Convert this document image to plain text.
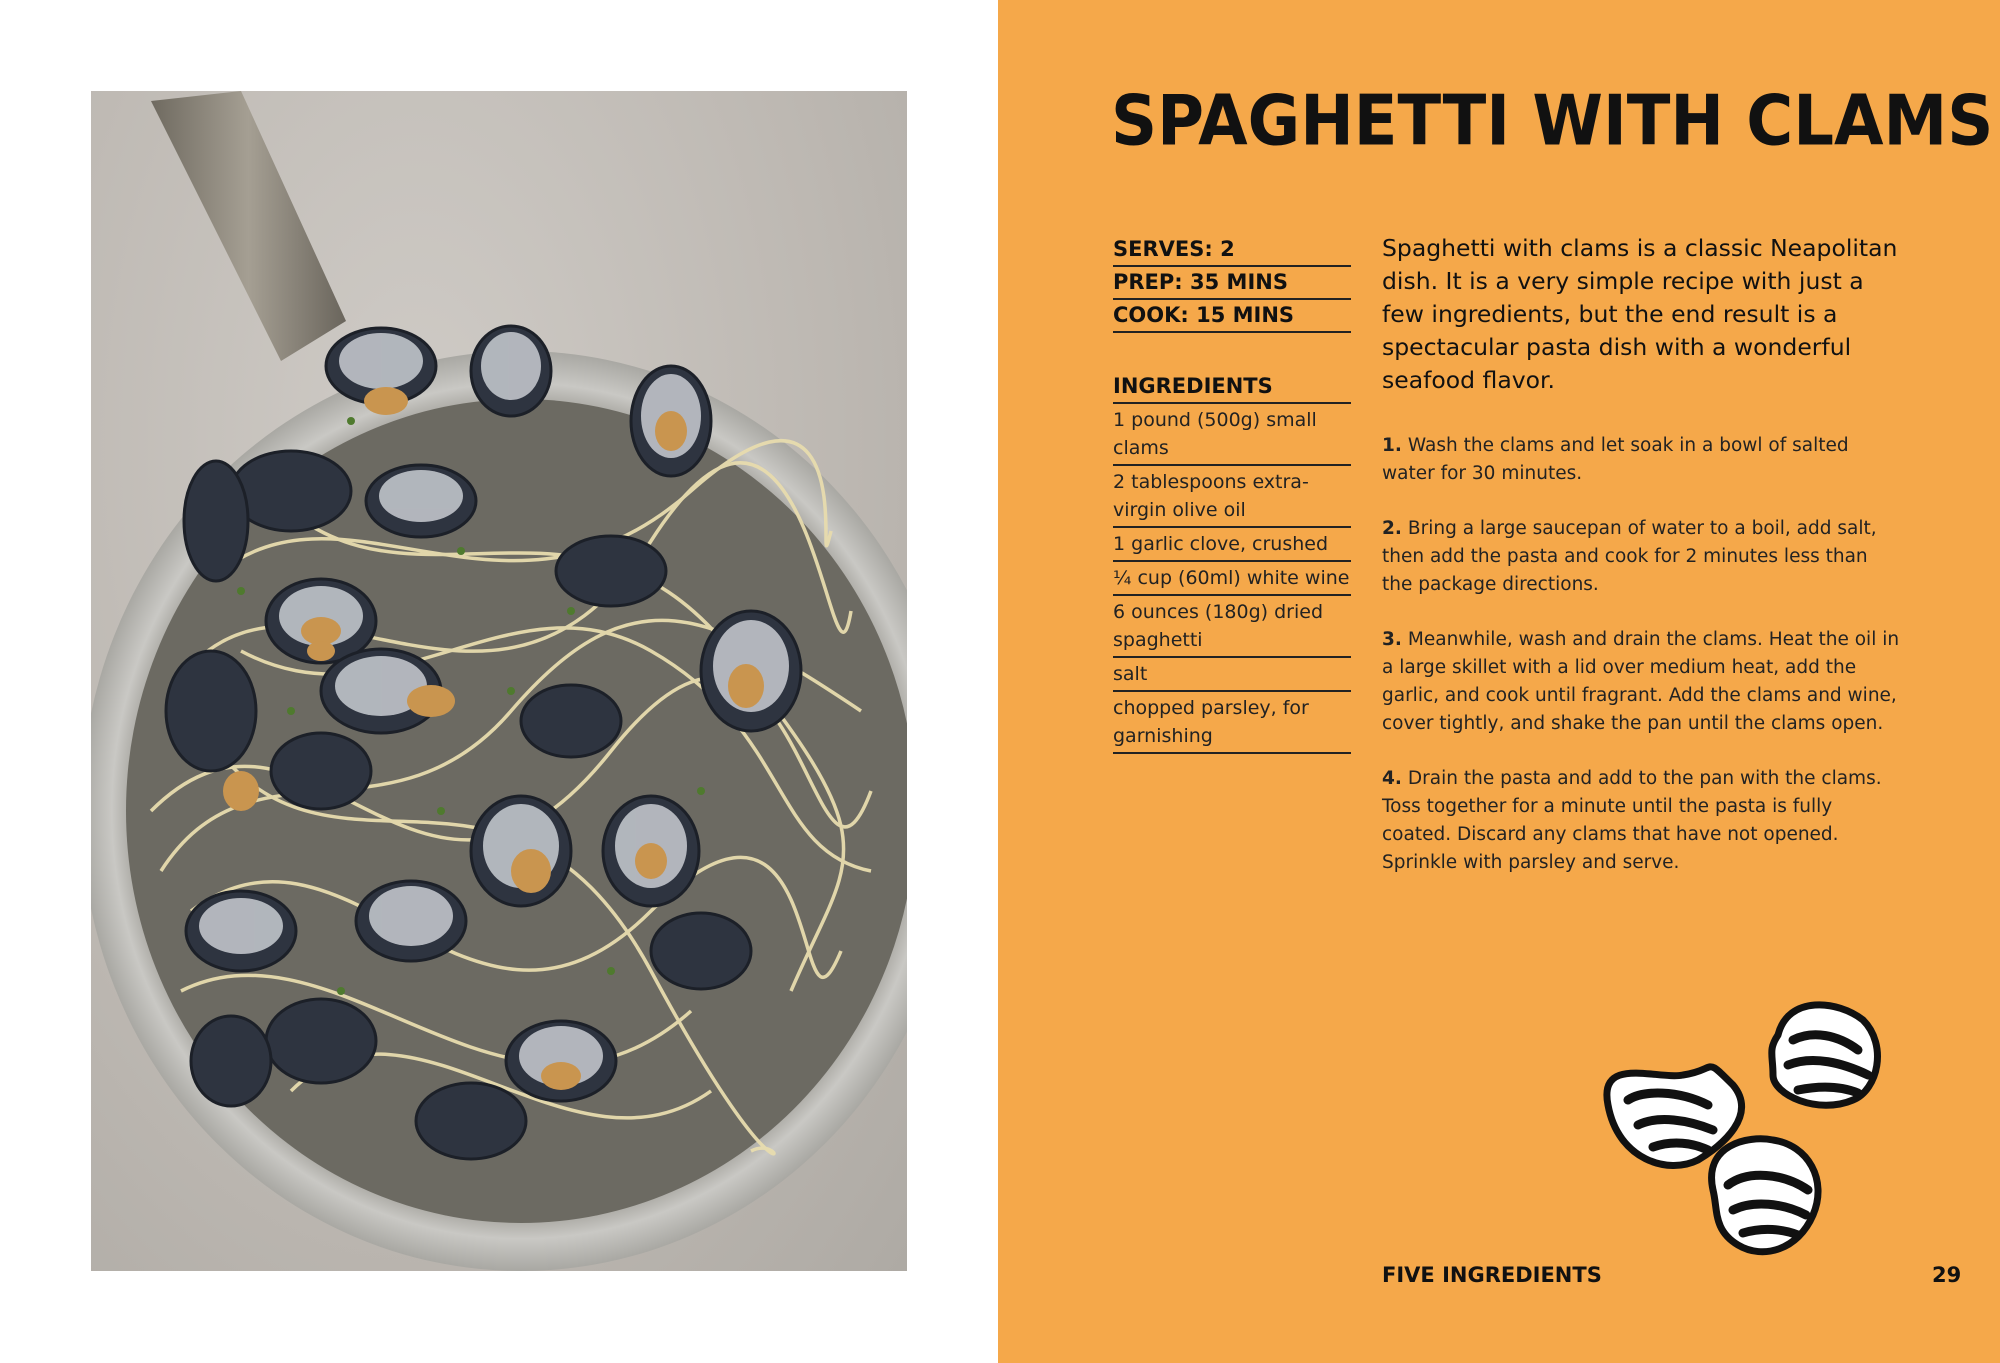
SPAGHETTI WITH CLAMS
SERVES: 2
PREP: 35 MINS
COOK: 15 MINS
INGREDIENTS
1 pound (500g) small clams
2 tablespoons extra-virgin olive oil
1 garlic clove, crushed
¼ cup (60ml) white wine
6 ounces (180g) dried spaghetti
salt
chopped parsley, for garnishing

Spaghetti with clams is a classic Neapolitan dish. It is a very simple recipe with just a few ingredients, but the end result is a spectacular pasta dish with a wonderful seafood flavor.

1. Wash the clams and let soak in a bowl of salted water for 30 minutes.

2. Bring a large saucepan of water to a boil, add salt, then add the pasta and cook for 2 minutes less than the package directions.

3. Meanwhile, wash and drain the clams. Heat the oil in a large skillet with a lid over medium heat, add the garlic, and cook until fragrant. Add the clams and wine, cover tightly, and shake the pan until the clams open.

4. Drain the pasta and add to the pan with the clams. Toss together for a minute until the pasta is fully coated. Discard any clams that have not opened. Sprinkle with parsley and serve.

FIVE INGREDIENTS	29
